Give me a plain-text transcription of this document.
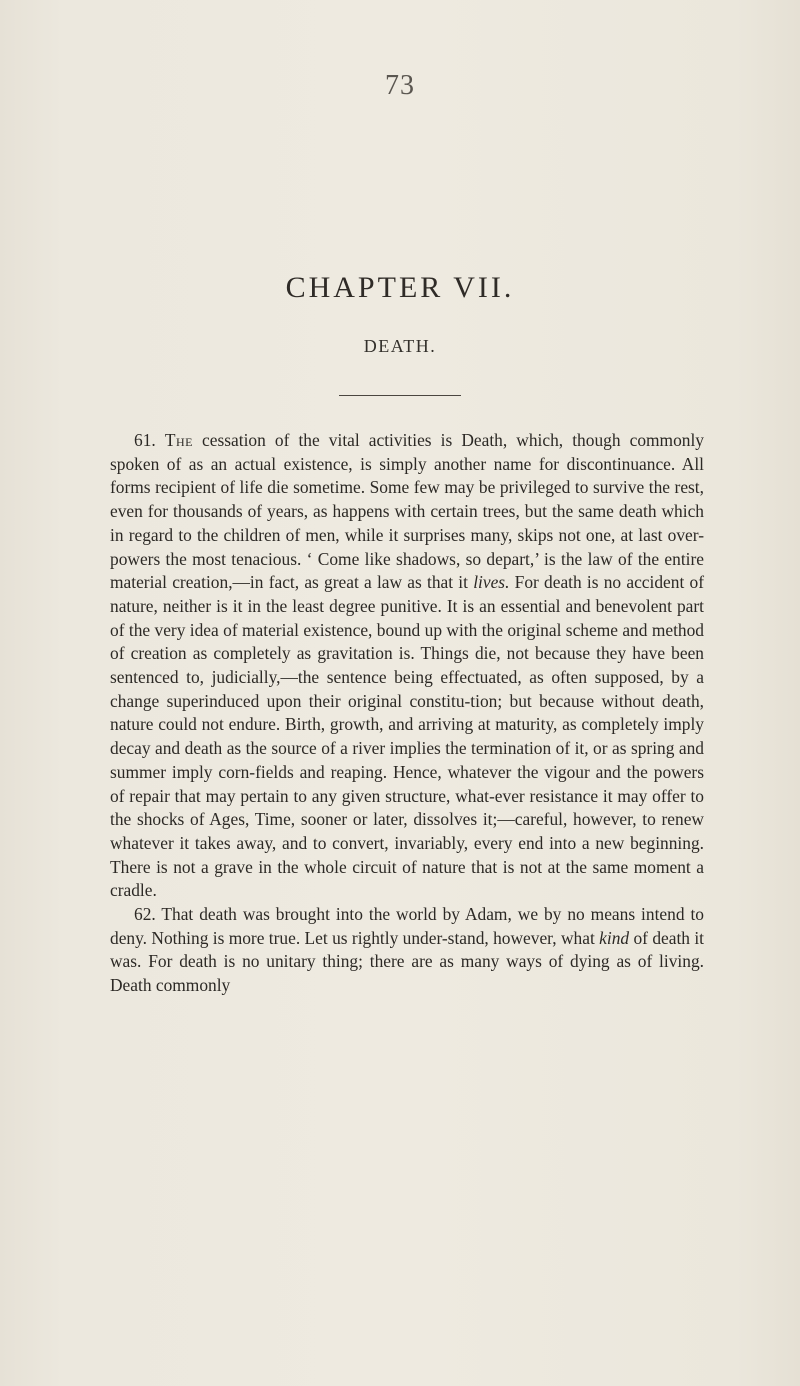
73
CHAPTER VII.
DEATH.

61. The cessation of the vital activities is Death, which, though commonly spoken of as an actual existence, is simply another name for discontinuance. All forms recipient of life die sometime. Some few may be privileged to survive the rest, even for thousands of years, as happens with certain trees, but the same death which in regard to the children of men, while it surprises many, skips not one, at last over-powers the most tenacious. ‘ Come like shadows, so depart,’ is the law of the entire material creation,—in fact, as great a law as that it lives. For death is no accident of nature, neither is it in the least degree punitive. It is an essential and benevolent part of the very idea of material existence, bound up with the original scheme and method of creation as completely as gravitation is. Things die, not because they have been sentenced to, judicially,—the sentence being effectuated, as often supposed, by a change superinduced upon their original constitu-tion; but because without death, nature could not endure. Birth, growth, and arriving at maturity, as completely imply decay and death as the source of a river implies the termination of it, or as spring and summer imply corn-fields and reaping. Hence, whatever the vigour and the powers of repair that may pertain to any given structure, what-ever resistance it may offer to the shocks of Ages, Time, sooner or later, dissolves it;—careful, however, to renew whatever it takes away, and to convert, invariably, every end into a new beginning. There is not a grave in the whole circuit of nature that is not at the same moment a cradle.

62. That death was brought into the world by Adam, we by no means intend to deny. Nothing is more true. Let us rightly under-stand, however, what kind of death it was. For death is no unitary thing; there are as many ways of dying as of living. Death commonly
